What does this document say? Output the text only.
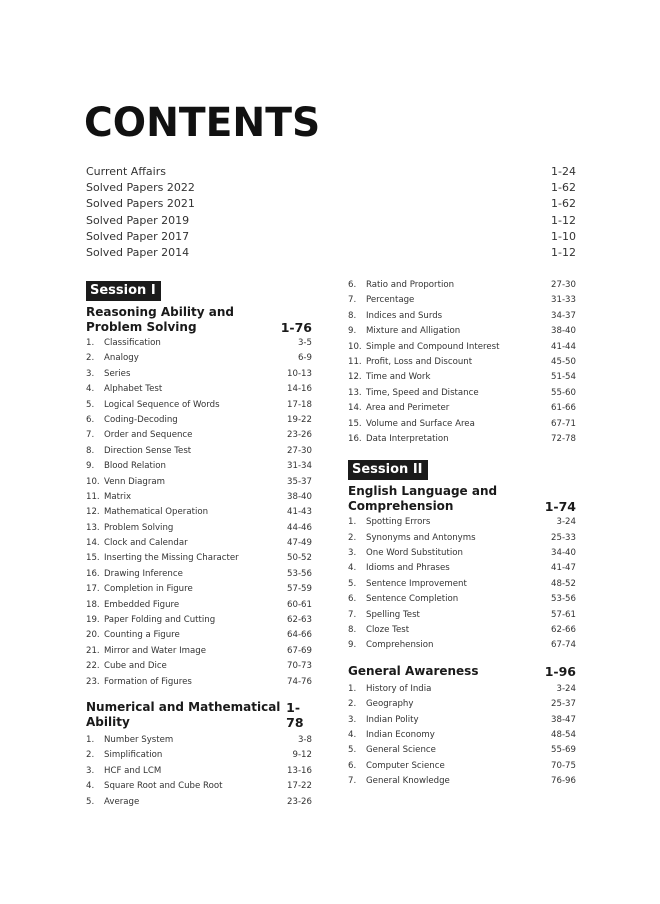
CONTENTS
Current Affairs	1-24
Solved Papers 2022	1-62
Solved Papers 2021	1-62
Solved Paper 2019	1-12
Solved Paper 2017	1-10
Solved Paper 2014	1-12
Session I
Reasoning Ability and
Problem Solving	1-76
1.	Classification	3-5
2.	Analogy	6-9
3.	Series	10-13
4.	Alphabet Test	14-16
5.	Logical Sequence of Words	17-18
6.	Coding-Decoding	19-22
7.	Order and Sequence	23-26
8.	Direction Sense Test	27-30
9.	Blood Relation	31-34
10. Venn Diagram	35-37
11. Matrix	38-40
12. Mathematical Operation	41-43
13. Problem Solving	44-46
14. Clock and Calendar	47-49
15. Inserting the Missing Character	50-52
16. Drawing Inference	53-56
17. Completion in Figure	57-59
18. Embedded Figure	60-61
19. Paper Folding and Cutting	62-63
20. Counting a Figure	64-66
21. Mirror and Water Image	67-69
22. Cube and Dice	70-73
23. Formation of Figures	74-76
Numerical and Mathematical Ability
1-78
1.	Number System	3-8
2.	Simplification	9-12
3.	HCF and LCM	13-16
4.	Square Root and Cube Root	17-22
5.	Average	23-26
6.	Ratio and Proportion	27-30
7.	Percentage	31-33
8.	Indices and Surds	34-37
9.	Mixture and Alligation	38-40
10. Simple and Compound Interest	41-44
11. Profit, Loss and Discount	45-50
12. Time and Work	51-54
13. Time, Speed and Distance	55-60
14. Area and Perimeter	61-66
15. Volume and Surface Area	67-71
16. Data Interpretation	72-78
Session II
English Language and
Comprehension	1-74
1.	Spotting Errors	3-24
2.	Synonyms and Antonyms	25-33
3.	One Word Substitution	34-40
4.	Idioms and Phrases	41-47
5.	Sentence Improvement	48-52
6.	Sentence Completion	53-56
7.	Spelling Test	57-61
8.	Cloze Test	62-66
9.	Comprehension	67-74
General Awareness	1-96
1.	History of India	3-24
2.	Geography	25-37
3.	Indian Polity	38-47
4.	Indian Economy	48-54
5.	General Science	55-69
6.	Computer Science	70-75
7.	General Knowledge	76-96
